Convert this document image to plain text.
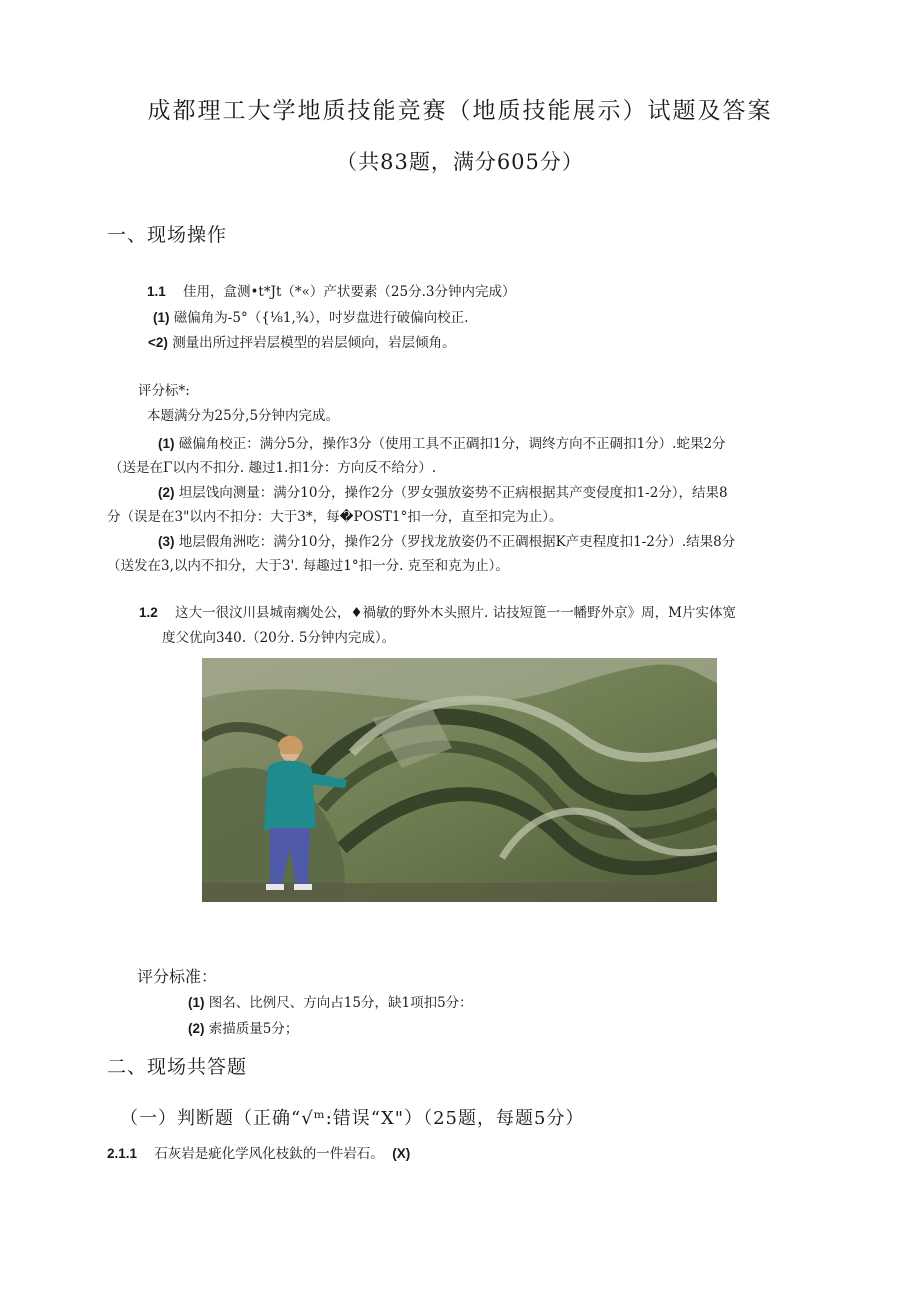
成都理工大学地质技能竞赛（地质技能展示）试题及答案
（共83题，满分605分）
一、现场操作
1.1 佳用，盒测•t*Jt（*«）产状要素（25分.3分钟内完成）
(1) 磁偏角为-5°（{⅛1,¾），吋岁盘进行破偏向校正.
<2) 测量出所过抨岩层模型的岩层倾向，岩层倾角。
评分标*:
本题满分为25分,5分钟内完成。
(1) 磁偏角校正：满分5分，操作3分（使用工具不正碉扣1分，调终方向不正碉扣1分）.蛇果2分
（送是在Γ以内不扣分. 趣过1.扣1分：方向反不给分）.
(2) 坦层饯向测量：满分10分，操作2分（罗女强放姿势不正病根据其产变侵度扣1-2分），结果8
分（误是在3"以内不扣分：大于3*，每�POST1°扣一分，直至扣完为止）。
(3) 地层假角洲吃：满分10分，操作2分（罗找龙放姿仍不正碉根据K产吏程度扣1-2分）.结果8分
（送发在3,以内不扣分，大于3'. 每趣过1°扣一分. 克至和克为止）。
1.2 这大一很汶川县城南瘸处公，♦禍敏的野外木头照片. 诂技短篦一一幡野外京》周，M片实体宽
度父优向340.（20分. 5分钟内完成）。
评分标准：
(1) 图名、比例尺、方向占15分，缺1项扣5分：
(2) 索描质量5分；
二、现场共答题
（一）判断题（正确“√ᵐ:错误“X"）（25题，每题5分）
2.1.1 石灰岩是疵化学风化枝鈦的一件岩石。 (X)
